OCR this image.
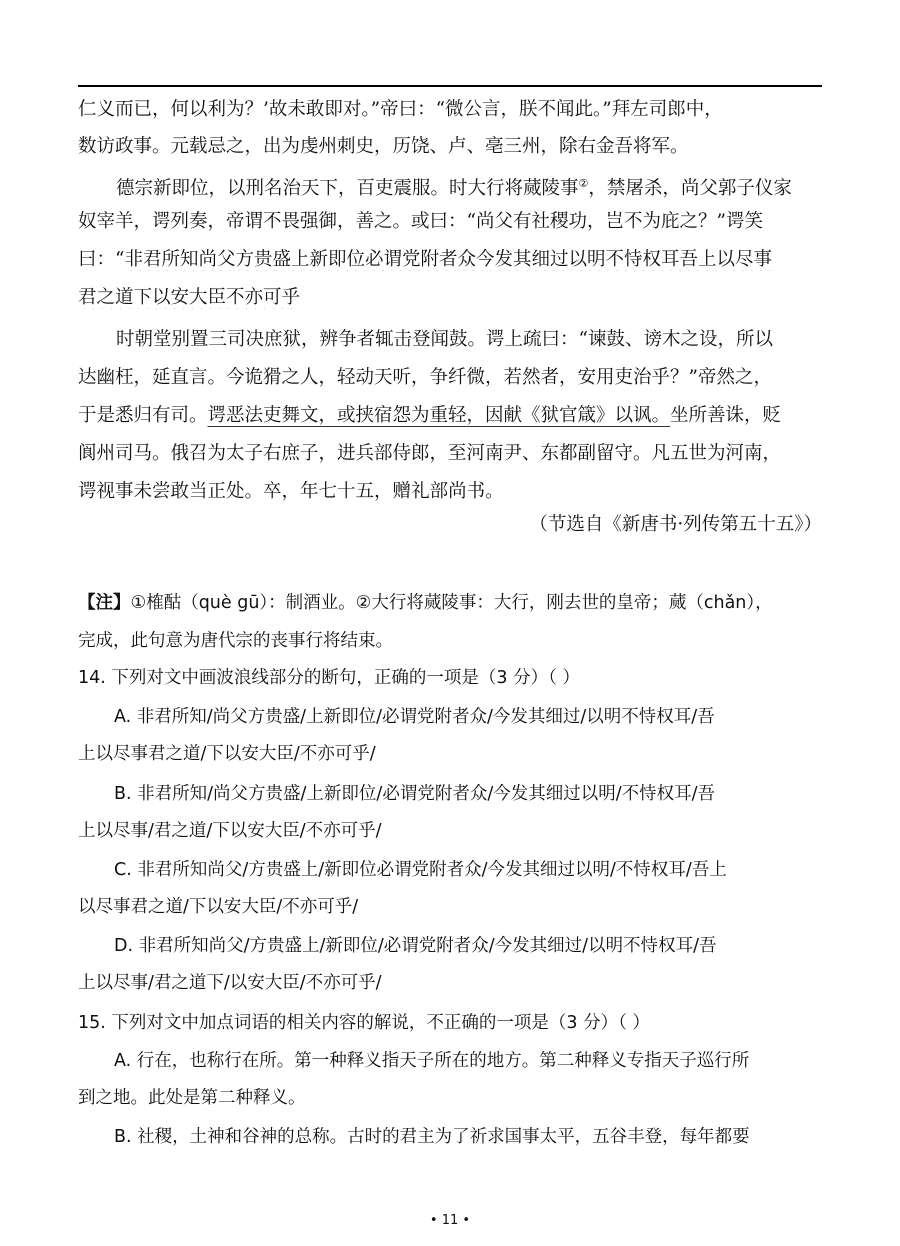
仁义而已，何以利为？’故未敢即对。”帝曰：“微公言，朕不闻此。”拜左司郎中，
数访政事。元载忌之，出为虔州刺史，历饶、卢、亳三州，除右金吾将军。
德宗新即位，以刑名治天下，百吏震服。时大行将蒇陵事②，禁屠杀，尚父郭子仪家
奴宰羊，谔列奏，帝谓不畏强御，善之。或曰：“尚父有社稷功，岂不为庇之？”谔笑
曰：“非君所知尚父方贵盛上新即位必谓党附者众今发其细过以明不恃权耳吾上以尽事
君之道下以安大臣不亦可乎
时朝堂别置三司决庶狱，辨争者辄击登闻鼓。谔上疏曰：“谏鼓、谤木之设，所以
达幽枉，延直言。今诡猾之人，轻动天听，争纤微，若然者，安用吏治乎？”帝然之，
于是悉归有司。谔恶法吏舞文，或挟宿怨为重轻，因献《狱官箴》以讽。坐所善诛，贬
阆州司马。俄召为太子右庶子，进兵部侍郎，至河南尹、东都副留守。凡五世为河南，
谔视事未尝敢当正处。卒，年七十五，赠礼部尚书。
（节选自《新唐书·列传第五十五》）
【注】①榷酤（què gū）：制酒业。②大行将蒇陵事：大行，刚去世的皇帝；蒇（chǎn），
完成，此句意为唐代宗的丧事行将结束。
14. 下列对文中画波浪线部分的断句，正确的一项是（3 分）（ ）
A. 非君所知/尚父方贵盛/上新即位/必谓党附者众/今发其细过/以明不恃权耳/吾
上以尽事君之道/下以安大臣/不亦可乎/
B. 非君所知/尚父方贵盛/上新即位/必谓党附者众/今发其细过以明/不恃权耳/吾
上以尽事/君之道/下以安大臣/不亦可乎/
C. 非君所知尚父/方贵盛上/新即位必谓党附者众/今发其细过以明/不恃权耳/吾上
以尽事君之道/下以安大臣/不亦可乎/
D. 非君所知尚父/方贵盛上/新即位/必谓党附者众/今发其细过/以明不恃权耳/吾
上以尽事/君之道下/以安大臣/不亦可乎/
15. 下列对文中加点词语的相关内容的解说，不正确的一项是（3 分）（ ）
A. 行在，也称行在所。第一种释义指天子所在的地方。第二种释义专指天子巡行所
到之地。此处是第二种释义。
B. 社稷，土神和谷神的总称。古时的君主为了祈求国事太平，五谷丰登，每年都要
• 11 •
